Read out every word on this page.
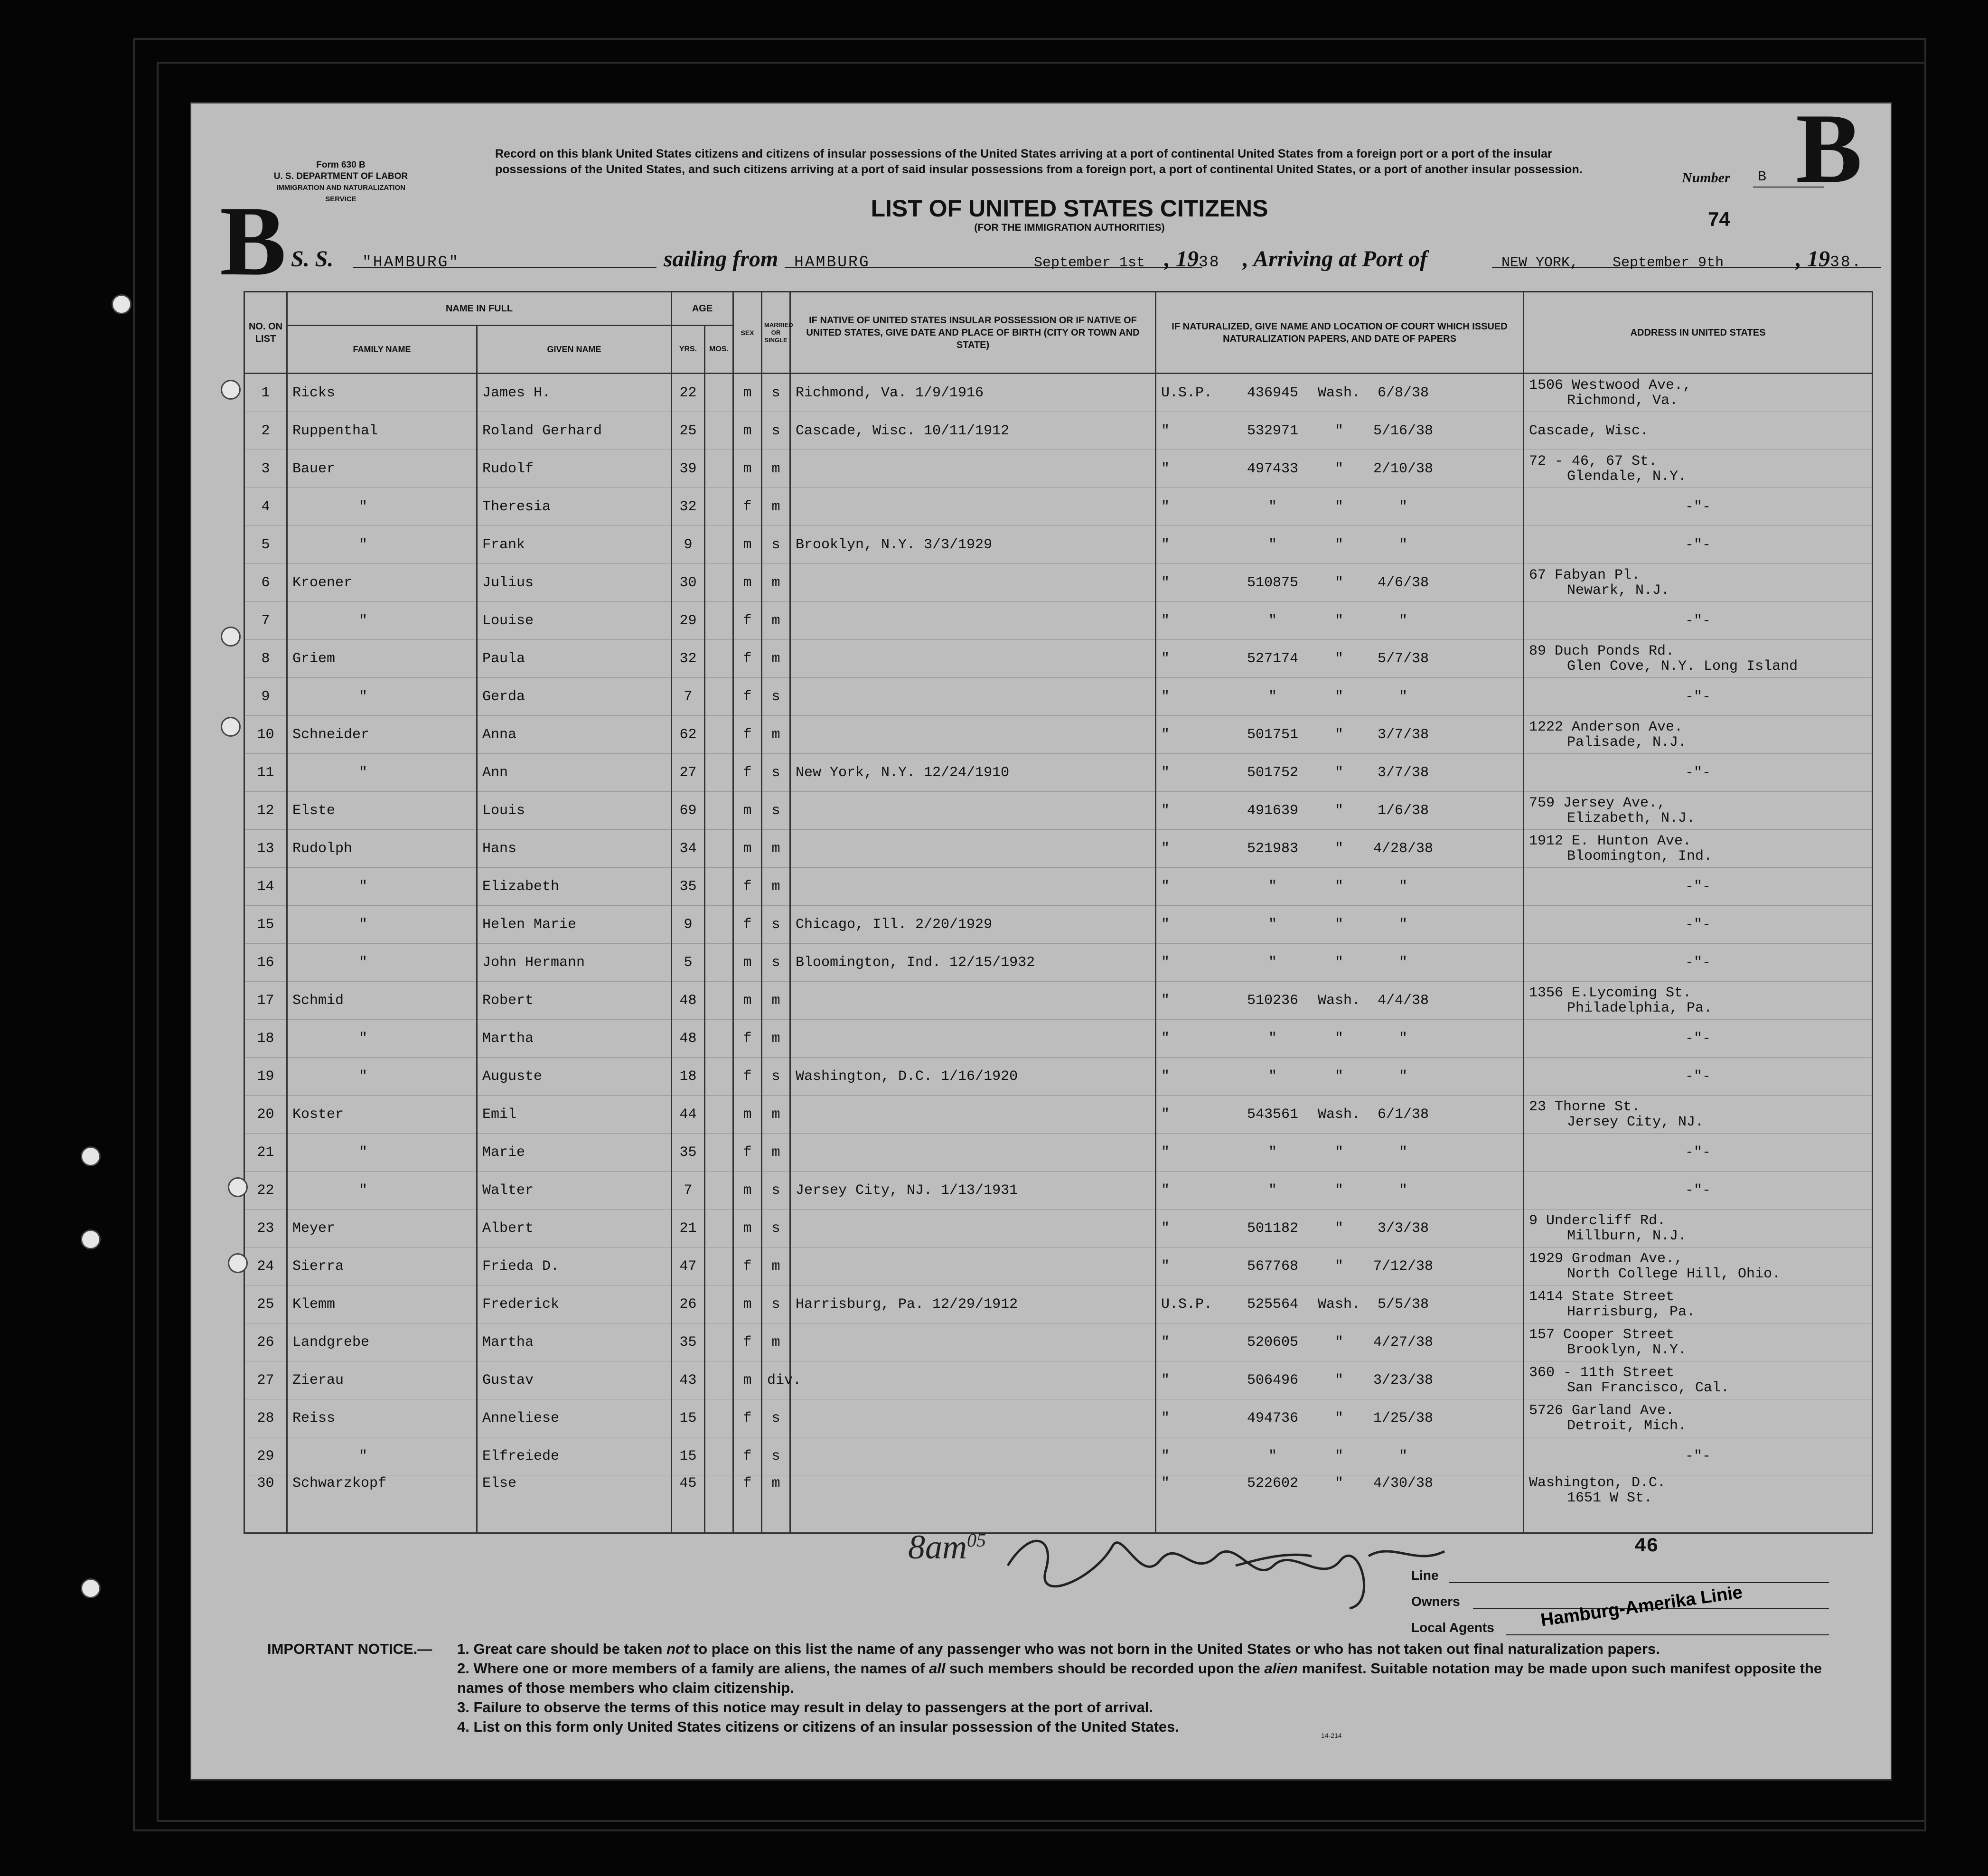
Form 630 B
U. S. DEPARTMENT OF LABOR
IMMIGRATION AND NATURALIZATION SERVICE
Record on this blank United States citizens and citizens of insular possessions of the United States arriving at a port of continental United States from a foreign port or a port of the insular possessions of the United States, and such citizens arriving at a port of said insular possessions from a foreign port, a port of continental United States, or a port of another insular possession.
LIST OF UNITED STATES CITIZENS
(FOR THE IMMIGRATION AUTHORITIES)
B
B
Number B
74
S. S.	"HAMBURG"	sailing from	HAMBURG	September 1st , 1938 , Arriving at Port of	NEW YORK, September 9th	, 1938.
NO. ON LIST	NAME IN FULL		AGE		SEX	MARRIED OR SINGLE	IF NATIVE OF UNITED STATES INSULAR POSSESSION OR IF NATIVE OF UNITED STATES, GIVE DATE AND PLACE OF BIRTH (CITY OR TOWN AND STATE)	IF NATURALIZED, GIVE NAME AND LOCATION OF COURT WHICH ISSUED NATURALIZATION PAPERS, AND DATE OF PAPERS	ADDRESS IN UNITED STATES
	FAMILY NAME	GIVEN NAME	YRS.	MOS.					
1	Ricks	James H.	22		m	s	Richmond, Va. 1/9/1916	U.S.P. 436945 Wash. 6/8/38	1506 Westwood Ave.,
Richmond, Va.

2	Ruppenthal	Roland Gerhard	25		m	s	Cascade, Wisc. 10/11/1912	" 532971 " 5/16/38	Cascade, Wisc.

3	Bauer	Rudolf	39		m	m		" 497433 " 2/10/38	72 - 46, 67 St.
Glendale, N.Y.

4	"	Theresia	32		f	m		" " " "	-"-

5	"	Frank	9		m	s	Brooklyn, N.Y. 3/3/1929	" " " "	-"-

6	Kroener	Julius	30		m	m		" 510875 " 4/6/38	67 Fabyan Pl.
Newark, N.J.

7	"	Louise	29		f	m		" " " "	-"-

8	Griem	Paula	32		f	m		" 527174 " 5/7/38	89 Duch Ponds Rd.
Glen Cove, N.Y. Long Island

9	"	Gerda	7		f	s		" " " "	-"-

10	Schneider	Anna	62		f	m		" 501751 " 3/7/38	1222 Anderson Ave.
Palisade, N.J.

11	"	Ann	27		f	s	New York, N.Y. 12/24/1910	" 501752 " 3/7/38	-"-

12	Elste	Louis	69		m	s		" 491639 " 1/6/38	759 Jersey Ave.,
Elizabeth, N.J.

13	Rudolph	Hans	34		m	m		" 521983 " 4/28/38	1912 E. Hunton Ave.
Bloomington, Ind.

14	"	Elizabeth	35		f	m		" " " "	-"-

15	"	Helen Marie	9		f	s	Chicago, Ill. 2/20/1929	" " " "	-"-

16	"	John Hermann	5		m	s	Bloomington, Ind. 12/15/1932	" " " "	-"-

17	Schmid	Robert	48		m	m		" 510236 Wash. 4/4/38	1356 E.Lycoming St.
Philadelphia, Pa.

18	"	Martha	48		f	m		" " " "	-"-

19	"	Auguste	18		f	s	Washington, D.C. 1/16/1920	" " " "	-"-

20	Koster	Emil	44		m	m		" 543561 Wash. 6/1/38	23 Thorne St.
Jersey City, NJ.

21	"	Marie	35		f	m		" " " "	-"-

22	"	Walter	7		m	s	Jersey City, NJ. 1/13/1931	" " " "	-"-

23	Meyer	Albert	21		m	s		" 501182 " 3/3/38	9 Undercliff Rd.
Millburn, N.J.

24	Sierra	Frieda D.	47		f	m		" 567768 " 7/12/38	1929 Grodman Ave.,
North College Hill, Ohio.

25	Klemm	Frederick	26		m	s	Harrisburg, Pa. 12/29/1912	U.S.P. 525564 Wash. 5/5/38	1414 State Street
Harrisburg, Pa.

26	Landgrebe	Martha	35		f	m		" 520605 " 4/27/38	157 Cooper Street
Brooklyn, N.Y.

27	Zierau	Gustav	43		m	div.		" 506496 " 3/23/38	360 - 11th Street
San Francisco, Cal.

28	Reiss	Anneliese	15		f	s		" 494736 " 1/25/38	5726 Garland Ave.
Detroit, Mich.

29	"	Elfreiede	15		f	s		" " " "	-"-

30	Schwarzkopf	Else	45		f	m		" 522602 " 4/30/38	Washington, D.C.
1651 W St.
$8am^{05}$	46
Line
Owners
Local Agents	Hamburg-Amerika Linie
IMPORTANT NOTICE.— 1. Great care should be taken not to place on this list the name of any passenger who was not born in the United States or who has not taken out final naturalization papers.
2. Where one or more members of a family are aliens, the names of all such members should be recorded upon the alien manifest. Suitable notation may be made upon such manifest opposite the names of those members who claim citizenship.
3. Failure to observe the terms of this notice may result in delay to passengers at the port of arrival.
4. List on this form only United States citizens or citizens of an insular possession of the United States.
14-214
